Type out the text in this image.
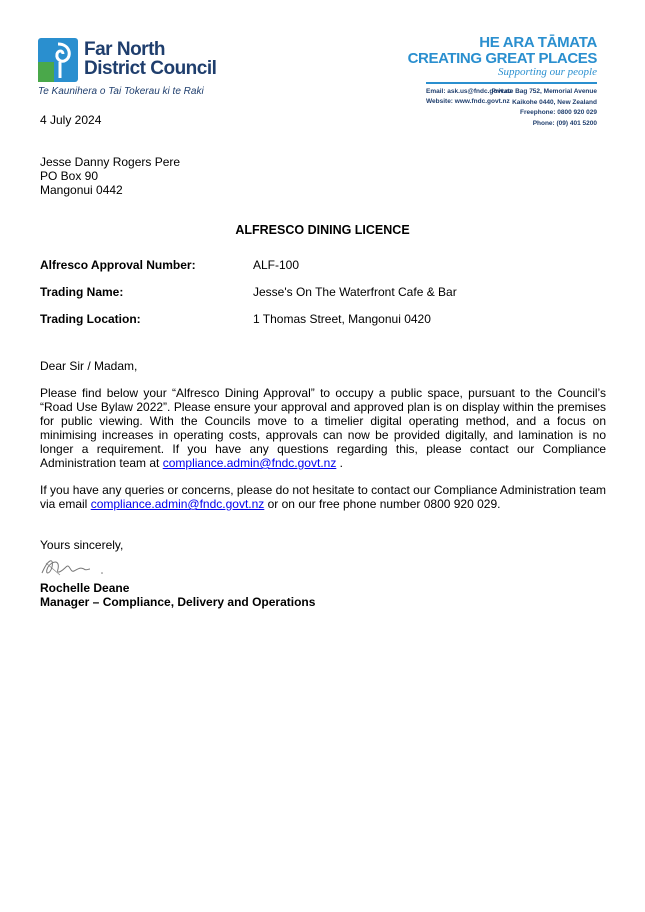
Far North
District Council
Te Kaunihera o Tai Tokerau ki te Raki
HE ARA TĀMATA
CREATING GREAT PLACES
Supporting our people
Email: ask.us@fndc.govt.nz
Website: www.fndc.govt.nz
Private Bag 752, Memorial Avenue
Kaikohe 0440, New Zealand
Freephone: 0800 920 029
Phone: (09) 401 5200
4 July 2024
Jesse Danny Rogers Pere
PO Box 90
Mangonui 0442
ALFRESCO DINING LICENCE
Alfresco Approval Number:	ALF-100
Trading Name:	Jesse's On The Waterfront Cafe & Bar
Trading Location:	1 Thomas Street, Mangonui 0420
Dear Sir / Madam,
Please find below your “Alfresco Dining Approval” to occupy a public space, pursuant to the Council’s “Road Use Bylaw 2022”. Please ensure your approval and approved plan is on display within the premises for public viewing. With the Councils move to a timelier digital operating method, and a focus on minimising increases in operating costs, approvals can now be provided digitally, and lamination is no longer a requirement. If you have any questions regarding this, please contact our Compliance Administration team at compliance.admin@fndc.govt.nz .
If you have any queries or concerns, please do not hesitate to contact our Compliance Administration team via email compliance.admin@fndc.govt.nz or on our free phone number 0800 920 029.
Yours sincerely,
Rochelle Deane
Manager – Compliance, Delivery and Operations
